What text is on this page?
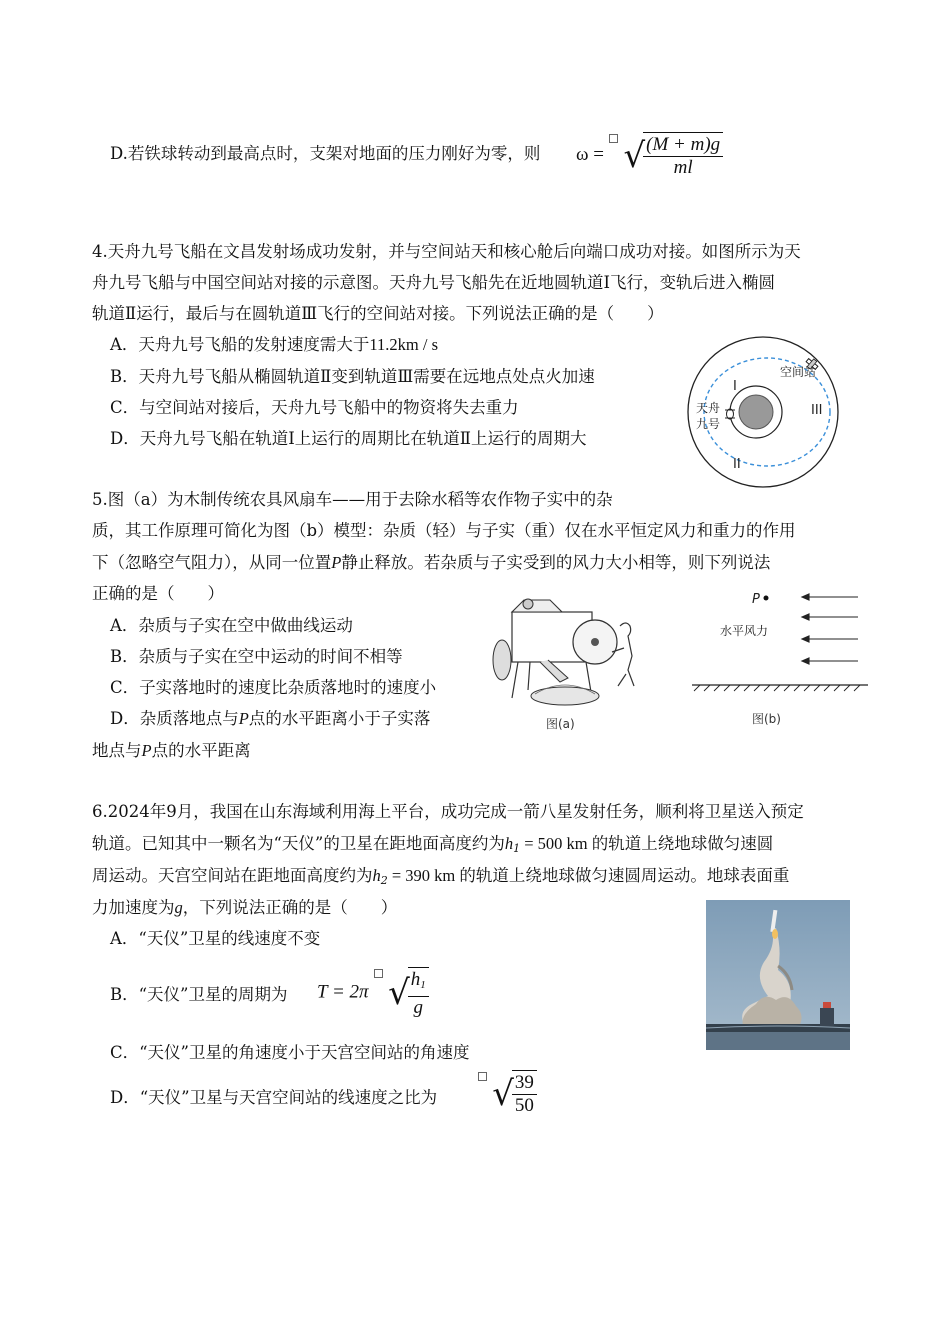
D.若铁球转动到最高点时，支架对地面的压力刚好为零，则 ω = √
$\frac{(M + m)g}{ml}$
4.天舟九号飞船在文昌发射场成功发射，并与空间站天和核心舱后向端口成功对接。如图所示为天
舟九号飞船与中国空间站对接的示意图。天舟九号飞船先在近地圆轨道Ⅰ飞行，变轨后进入椭圆
轨道Ⅱ运行，最后与在圆轨道Ⅲ飞行的空间站对接。下列说法正确的是（　　）
A．天舟九号飞船的发射速度需大于11.2km / s
B．天舟九号飞船从椭圆轨道Ⅱ变到轨道Ⅲ需要在远地点处点火加速
C．与空间站对接后，天舟九号飞船中的物资将失去重力
D．天舟九号飞船在轨道Ⅰ上运行的周期比在轨道Ⅱ上运行的周期大
空间站
天舟
九号
I
II
III
5.图（a）为木制传统农具风扇车——用于去除水稻等农作物子实中的杂
质，其工作原理可简化为图（b）模型：杂质（轻）与子实（重）仅在水平恒定风力和重力的作用
下（忽略空气阻力），从同一位置P静止释放。若杂质与子实受到的风力大小相等，则下列说法
正确的是（　　）
A．杂质与子实在空中做曲线运动
B．杂质与子实在空中运动的时间不相等
C．子实落地时的速度比杂质落地时的速度小
D．杂质落地点与P点的水平距离小于子实落
地点与P点的水平距离
图(a)
P
水平风力
图(b)
6.2024年9月，我国在山东海域利用海上平台，成功完成一箭八星发射任务，顺利将卫星送入预定
轨道。已知其中一颗名为“天仪”的卫星在距地面高度约为$h_1 = 500$ km 的轨道上绕地球做匀速圆
周运动。天宫空间站在距地面高度约为$h_2 = 390$ km 的轨道上绕地球做匀速圆周运动。地球表面重
力加速度为g，下列说法正确的是（　　）
A．“天仪”卫星的线速度不变
B．“天仪”卫星的周期为 T = 2π √
$\frac{h_1}{g}$
C．“天仪”卫星的角速度小于天宫空间站的角速度
D．“天仪”卫星与天宫空间站的线速度之比为
√
$\frac{39}{50}$
